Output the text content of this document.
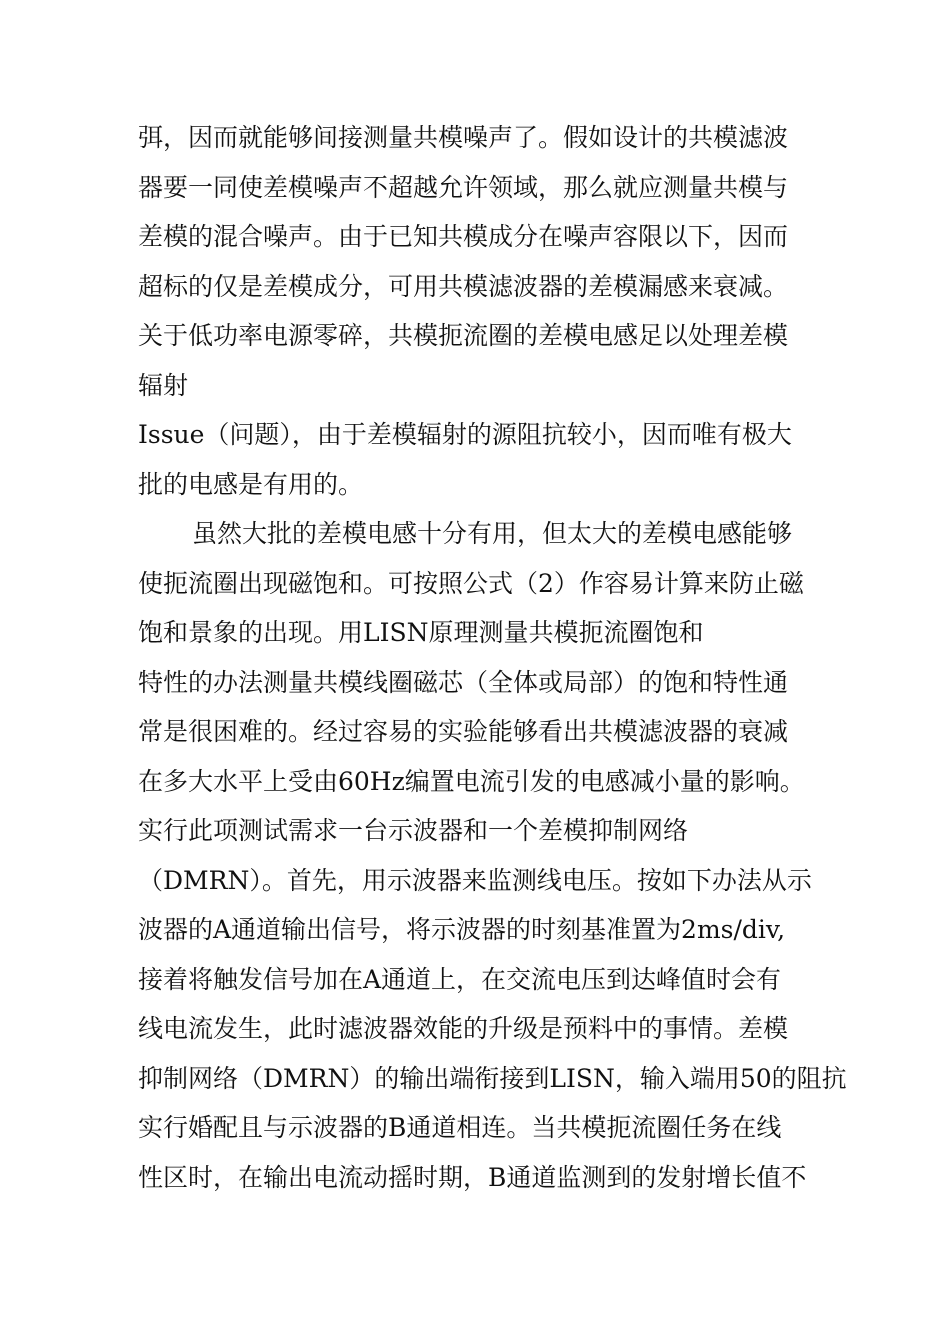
弭，因而就能够间接测量共模噪声了。假如设计的共模滤波
器要一同使差模噪声不超越允许领域，那么就应测量共模与
差模的混合噪声。由于已知共模成分在噪声容限以下，因而
超标的仅是差模成分，可用共模滤波器的差模漏感来衰减。
关于低功率电源零碎，共模扼流圈的差模电感足以处理差模
辐射
Issue（问题），由于差模辐射的源阻抗较小，因而唯有极大
批的电感是有用的。
虽然大批的差模电感十分有用，但太大的差模电感能够
使扼流圈出现磁饱和。可按照公式（2）作容易计算来防止磁
饱和景象的出现。用LISN原理测量共模扼流圈饱和
特性的办法测量共模线圈磁芯（全体或局部）的饱和特性通
常是很困难的。经过容易的实验能够看出共模滤波器的衰减
在多大水平上受由60Hz编置电流引发的电感减小量的影响。
实行此项测试需求一台示波器和一个差模抑制网络
（DMRN）。首先，用示波器来监测线电压。按如下办法从示
波器的A通道输出信号，将示波器的时刻基准置为2ms/div,
接着将触发信号加在A通道上，在交流电压到达峰值时会有
线电流发生，此时滤波器效能的升级是预料中的事情。差模
抑制网络（DMRN）的输出端衔接到LISN，输入端用50的阻抗
实行婚配且与示波器的B通道相连。当共模扼流圈任务在线
性区时，在输出电流动摇时期，B通道监测到的发射增长值不
